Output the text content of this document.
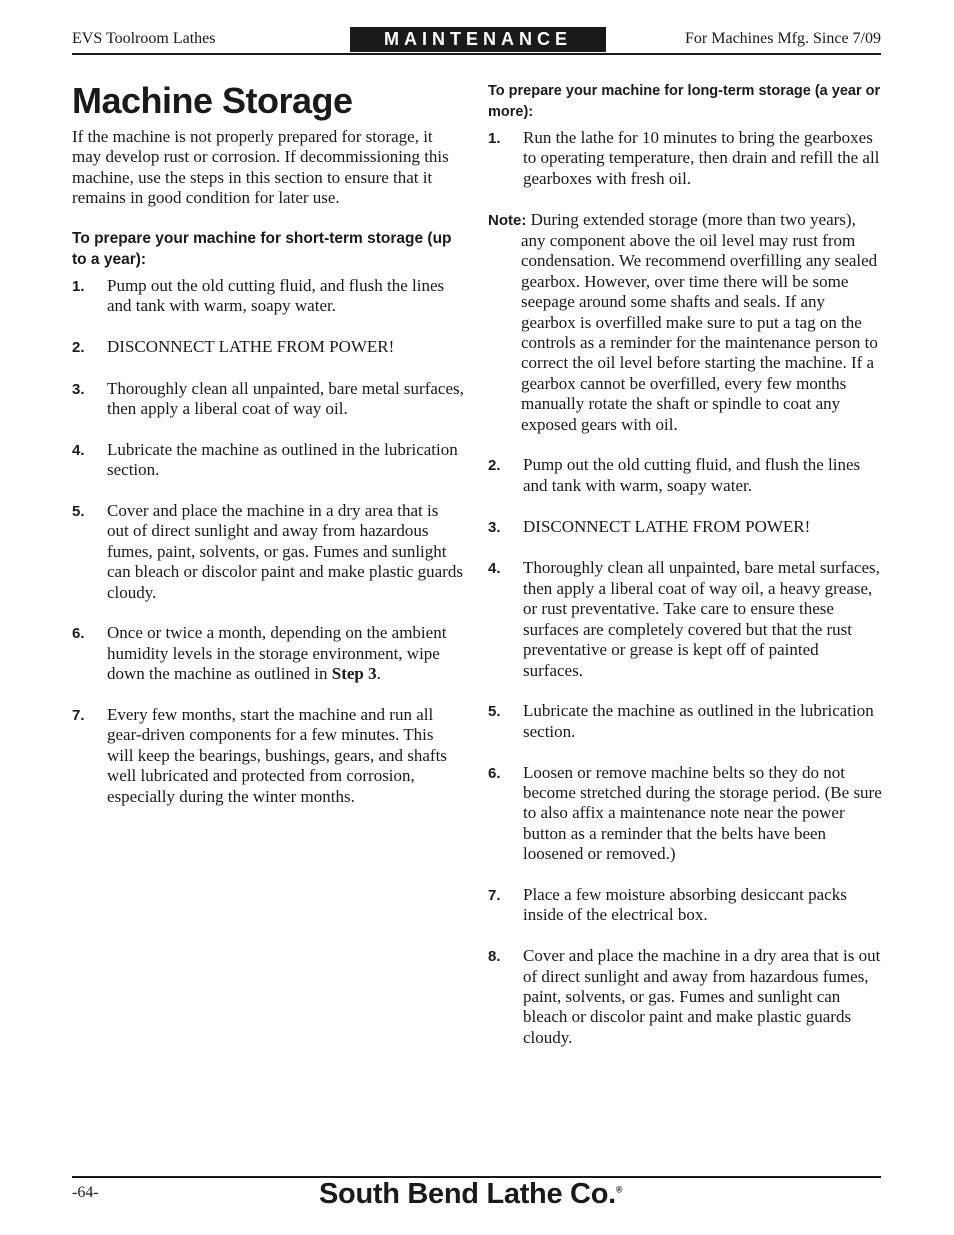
EVS Toolroom Lathes	MAINTENANCE	For Machines Mfg. Since 7/09
Machine Storage

If the machine is not properly prepared for storage, it may develop rust or corrosion. If decommissioning this machine, use the steps in this section to ensure that it remains in good condition for later use.

To prepare your machine for short-term storage (up to a year):
1.	Pump out the old cutting fluid, and flush the lines and tank with warm, soapy water.
2.	DISCONNECT LATHE FROM POWER!
3.	Thoroughly clean all unpainted, bare metal surfaces, then apply a liberal coat of way oil.
4.	Lubricate the machine as outlined in the lubrication section.
5.	Cover and place the machine in a dry area that is out of direct sunlight and away from hazardous fumes, paint, solvents, or gas. Fumes and sunlight can bleach or discolor paint and make plastic guards cloudy.
6.	Once or twice a month, depending on the ambient humidity levels in the storage environment, wipe down the machine as outlined in Step 3.
7.	Every few months, start the machine and run all gear-driven components for a few minutes. This will keep the bearings, bushings, gears, and shafts well lubricated and protected from corrosion, especially during the winter months.
To prepare your machine for long-term storage (a year or more):
1.	Run the lathe for 10 minutes to bring the gearboxes to operating temperature, then drain and refill the all gearboxes with fresh oil.

Note: During extended storage (more than two years), any component above the oil level may rust from condensation. We recommend overfilling any sealed gearbox. However, over time there will be some seepage around some shafts and seals. If any gearbox is overfilled make sure to put a tag on the controls as a reminder for the maintenance person to correct the oil level before starting the machine. If a gearbox cannot be overfilled, every few months manually rotate the shaft or spindle to coat any exposed gears with oil.

2.	Pump out the old cutting fluid, and flush the lines and tank with warm, soapy water.
3.	DISCONNECT LATHE FROM POWER!
4.	Thoroughly clean all unpainted, bare metal surfaces, then apply a liberal coat of way oil, a heavy grease, or rust preventative. Take care to ensure these surfaces are completely covered but that the rust preventative or grease is kept off of painted surfaces.
5.	Lubricate the machine as outlined in the lubrication section.
6.	Loosen or remove machine belts so they do not become stretched during the storage period. (Be sure to also affix a maintenance note near the power button as a reminder that the belts have been loosened or removed.)
7.	Place a few moisture absorbing desiccant packs inside of the electrical box.
8.	Cover and place the machine in a dry area that is out of direct sunlight and away from hazardous fumes, paint, solvents, or gas. Fumes and sunlight can bleach or discolor paint and make plastic guards cloudy.
-64-	South Bend Lathe Co.®
